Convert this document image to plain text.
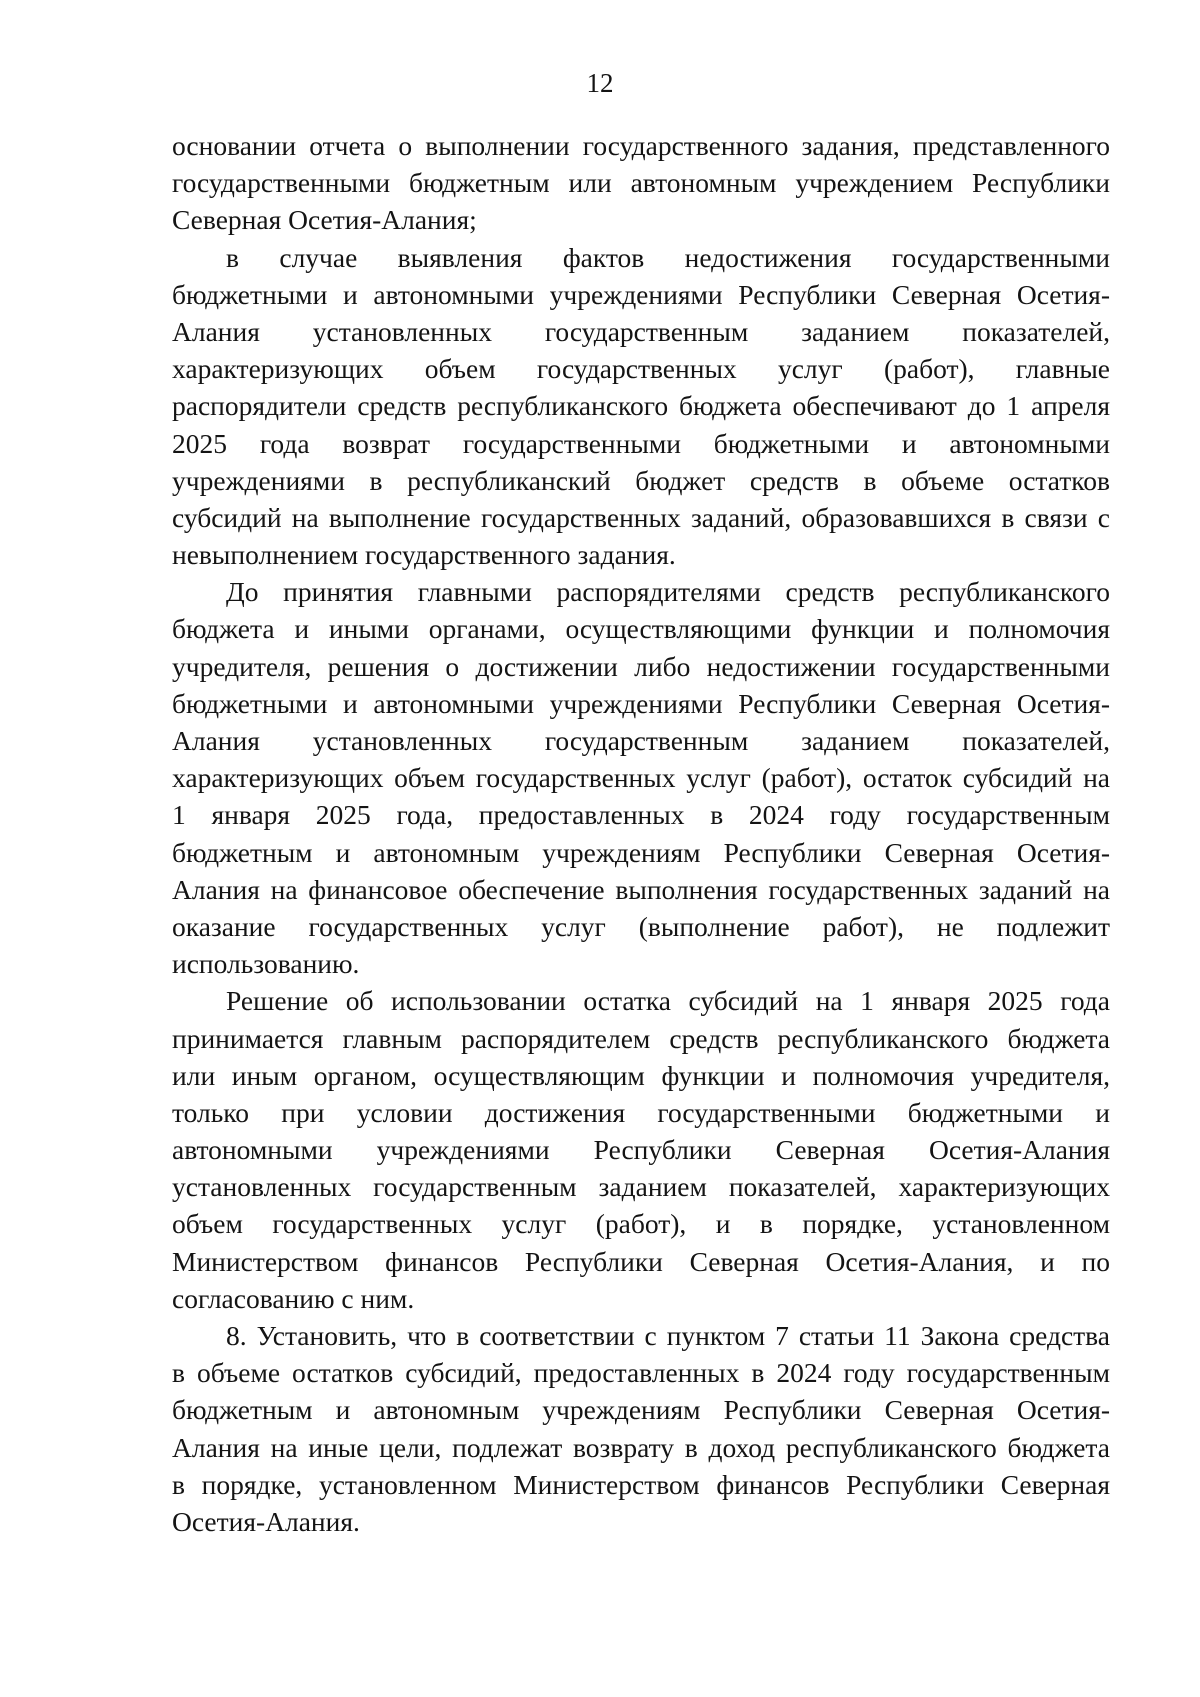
12
основании отчета о выполнении государственного задания, представленного
государственными бюджетным или автономным учреждением Республики
Северная Осетия-Алания;
в случае выявления фактов недостижения государственными
бюджетными и автономными учреждениями Республики Северная Осетия-
Алания установленных государственным заданием показателей,
характеризующих объем государственных услуг (работ), главные
распорядители средств республиканского бюджета обеспечивают до 1 апреля
2025 года возврат государственными бюджетными и автономными
учреждениями в республиканский бюджет средств в объеме остатков
субсидий на выполнение государственных заданий, образовавшихся в связи с
невыполнением государственного задания.
До принятия главными распорядителями средств республиканского
бюджета и иными органами, осуществляющими функции и полномочия
учредителя, решения о достижении либо недостижении государственными
бюджетными и автономными учреждениями Республики Северная Осетия-
Алания установленных государственным заданием показателей,
характеризующих объем государственных услуг (работ), остаток субсидий на
1 января 2025 года, предоставленных в 2024 году государственным
бюджетным и автономным учреждениям Республики Северная Осетия-
Алания на финансовое обеспечение выполнения государственных заданий на
оказание государственных услуг (выполнение работ), не подлежит
использованию.
Решение об использовании остатка субсидий на 1 января 2025 года
принимается главным распорядителем средств республиканского бюджета
или иным органом, осуществляющим функции и полномочия учредителя,
только при условии достижения государственными бюджетными и
автономными учреждениями Республики Северная Осетия-Алания
установленных государственным заданием показателей, характеризующих
объем государственных услуг (работ), и в порядке, установленном
Министерством финансов Республики Северная Осетия-Алания, и по
согласованию с ним.
8. Установить, что в соответствии с пунктом 7 статьи 11 Закона средства
в объеме остатков субсидий, предоставленных в 2024 году государственным
бюджетным и автономным учреждениям Республики Северная Осетия-
Алания на иные цели, подлежат возврату в доход республиканского бюджета
в порядке, установленном Министерством финансов Республики Северная
Осетия-Алания.
